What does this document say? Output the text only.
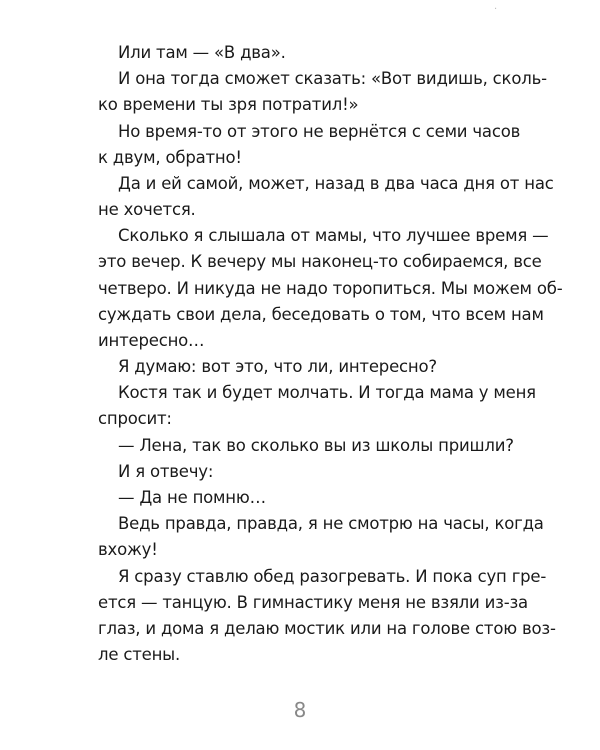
·
Или там — «В два».
И она тогда сможет сказать: «Вот видишь, сколь-
ко времени ты зря потратил!»
Но время-то от этого не вернётся с семи часов
к двум, обратно!
Да и ей самой, может, назад в два часа дня от нас
не хочется.
Сколько я слышала от мамы, что лучшее время —
это вечер. К вечеру мы наконец-то собираемся, все
четверо. И никуда не надо торопиться. Мы можем об-
суждать свои дела, беседовать о том, что всем нам
интересно…
Я думаю: вот это, что ли, интересно?
Костя так и будет молчать. И тогда мама у меня
спросит:
— Лена, так во сколько вы из школы пришли?
И я отвечу:
— Да не помню…
Ведь правда, правда, я не смотрю на часы, когда
вхожу!
Я сразу ставлю обед разогревать. И пока суп гре-
ется — танцую. В гимнастику меня не взяли из-за
глаз, и дома я делаю мостик или на голове стою воз-
ле стены.
8
